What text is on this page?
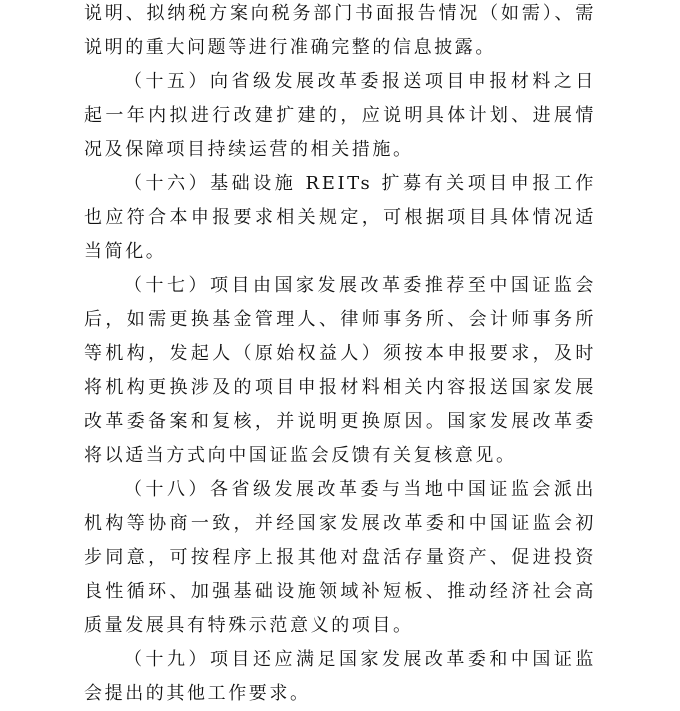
说明、拟纳税方案向税务部门书面报告情况（如需）、需说明的重大问题等进行准确完整的信息披露。

（十五）向省级发展改革委报送项目申报材料之日起一年内拟进行改建扩建的，应说明具体计划、进展情况及保障项目持续运营的相关措施。

（十六）基础设施 REITs 扩募有关项目申报工作也应符合本申报要求相关规定，可根据项目具体情况适当简化。

（十七）项目由国家发展改革委推荐至中国证监会后，如需更换基金管理人、律师事务所、会计师事务所等机构，发起人（原始权益人）须按本申报要求，及时将机构更换涉及的项目申报材料相关内容报送国家发展改革委备案和复核，并说明更换原因。国家发展改革委将以适当方式向中国证监会反馈有关复核意见。

（十八）各省级发展改革委与当地中国证监会派出机构等协商一致，并经国家发展改革委和中国证监会初步同意，可按程序上报其他对盘活存量资产、促进投资良性循环、加强基础设施领域补短板、推动经济社会高质量发展具有特殊示范意义的项目。

（十九）项目还应满足国家发展改革委和中国证监会提出的其他工作要求。
